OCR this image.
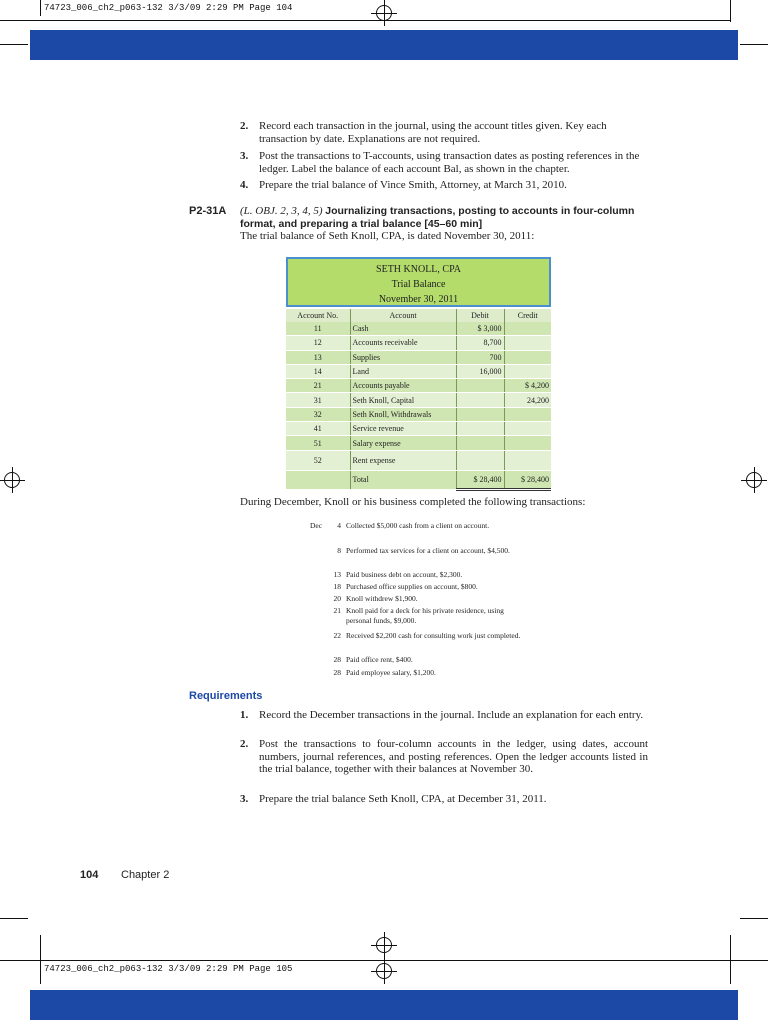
74723_006_ch2_p063-132 3/3/09 2:29 PM Page 104
74723_006_ch2_p063-132 3/3/09 2:29 PM Page 105
2. Record each transaction in the journal, using the account titles given. Key each transaction by date. Explanations are not required.
3. Post the transactions to T-accounts, using transaction dates as posting references in the ledger. Label the balance of each account Bal, as shown in the chapter.
4. Prepare the trial balance of Vince Smith, Attorney, at March 31, 2010.
P2-31A (L. OBJ. 2, 3, 4, 5) Journalizing transactions, posting to accounts in four-column format, and preparing a trial balance [45–60 min]
The trial balance of Seth Knoll, CPA, is dated November 30, 2011:
SETH KNOLL, CPA
Trial Balance
November 30, 2011
Account No.	Account	Debit	Credit
11	Cash	$ 3,000	
12	Accounts receivable	8,700	
13	Supplies	700	
14	Land	16,000	
21	Accounts payable		$ 4,200
31	Seth Knoll, Capital		24,200
32	Seth Knoll, Withdrawals		
41	Service revenue		
51	Salary expense		
52	Rent expense		
	Total	$ 28,400	$ 28,400
During December, Knoll or his business completed the following transactions:
Dec	4 Collected $5,000 cash from a client on account.
8 Performed tax services for a client on account, $4,500.
13 Paid business debt on account, $2,300.
18 Purchased office supplies on account, $800.
20 Knoll withdrew $1,900.
21 Knoll paid for a deck for his private residence, using personal funds, $9,000.
22 Received $2,200 cash for consulting work just completed.
28 Paid office rent, $400.
28 Paid employee salary, $1,200.
Requirements
1. Record the December transactions in the journal. Include an explanation for each entry.
2. Post the transactions to four-column accounts in the ledger, using dates, account numbers, journal references, and posting references. Open the ledger accounts listed in the trial balance, together with their balances at November 30.
3. Prepare the trial balance Seth Knoll, CPA, at December 31, 2011.
104 Chapter 2
